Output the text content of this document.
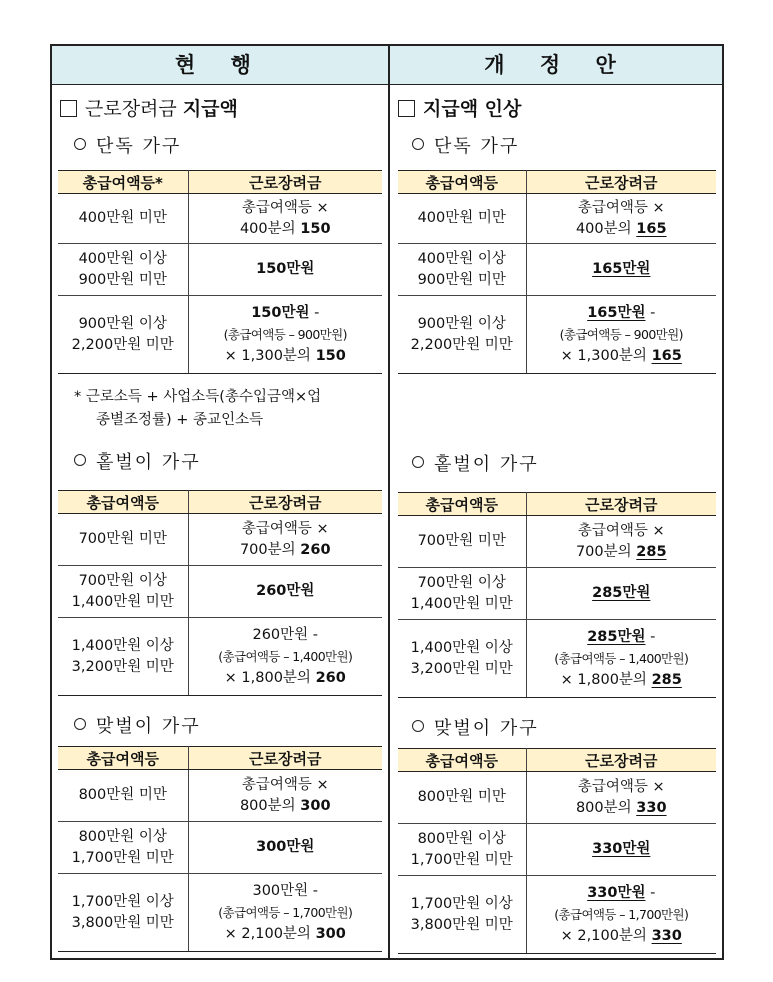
현 행	개 정 안
근로장려금 지급액
단독 가구
총급여액등*	근로장려금
400만원 미만	총급여액등 ×
400분의 150
400만원 이상
900만원 미만	150만원
900만원 이상
2,200만원 미만	150만원 -
(총급여액등 – 900만원)
× 1,300분의 150
* 근로소득 + 사업소득(총수입금액×업
종별조정률) + 종교인소득
홑벌이 가구
총급여액등	근로장려금
700만원 미만	총급여액등 ×
700분의 260
700만원 이상
1,400만원 미만	260만원
1,400만원 이상
3,200만원 미만	260만원 -
(총급여액등 – 1,400만원)
× 1,800분의 260
맞벌이 가구
총급여액등	근로장려금
800만원 미만	총급여액등 ×
800분의 300
800만원 이상
1,700만원 미만	300만원
1,700만원 이상
3,800만원 미만	300만원 -
(총급여액등 – 1,700만원)
× 2,100분의 300
지급액 인상
단독 가구
총급여액등	근로장려금
400만원 미만	총급여액등 ×
400분의 165
400만원 이상
900만원 미만	165만원
900만원 이상
2,200만원 미만	165만원 -
(총급여액등 – 900만원)
× 1,300분의 165
홑벌이 가구
총급여액등	근로장려금
700만원 미만	총급여액등 ×
700분의 285
700만원 이상
1,400만원 미만	285만원
1,400만원 이상
3,200만원 미만	285만원 -
(총급여액등 – 1,400만원)
× 1,800분의 285
맞벌이 가구
총급여액등	근로장려금
800만원 미만	총급여액등 ×
800분의 330
800만원 이상
1,700만원 미만	330만원
1,700만원 이상
3,800만원 미만	330만원 -
(총급여액등 – 1,700만원)
× 2,100분의 330
